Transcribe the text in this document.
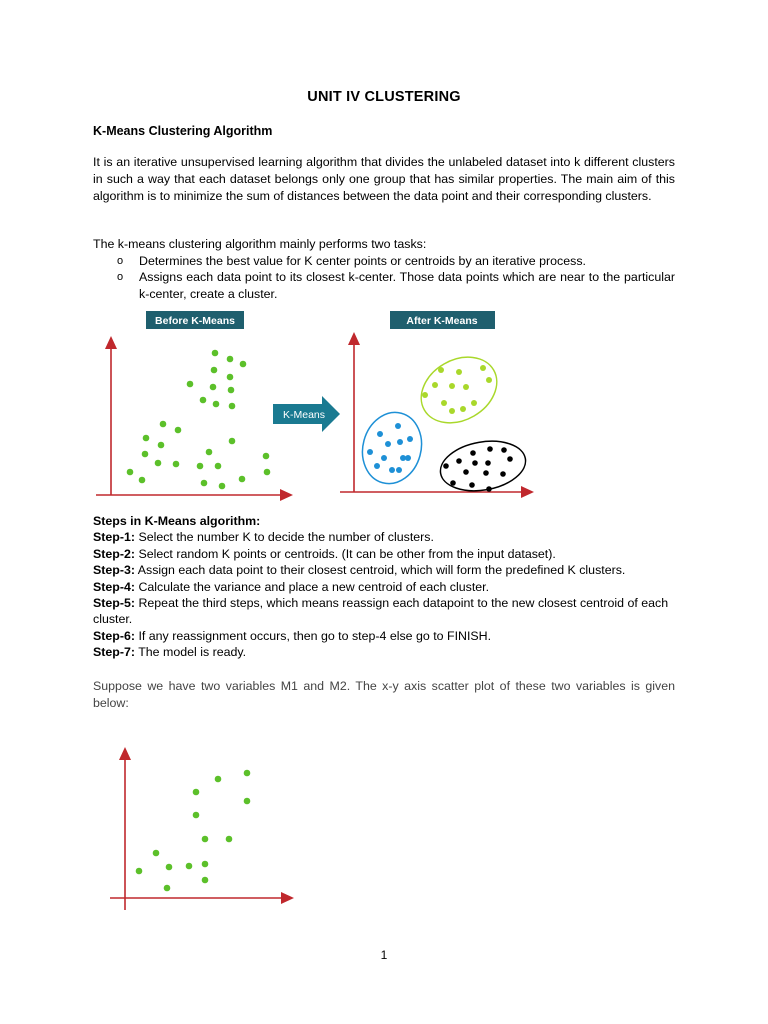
UNIT IV CLUSTERING
K-Means Clustering Algorithm
It is an iterative unsupervised learning algorithm that divides the unlabeled dataset into k different clusters in such a way that each dataset belongs only one group that has similar properties. The main aim of this algorithm is to minimize the sum of distances between the data point and their corresponding clusters.
The k-means clustering algorithm mainly performs two tasks:
o Determines the best value for K center points or centroids by an iterative process.
o Assigns each data point to its closest k-center. Those data points which are near to the particular k-center, create a cluster.
Before K-Means	After K-Means
K-Means
Steps in K-Means algorithm:
Step-1: Select the number K to decide the number of clusters.
Step-2: Select random K points or centroids. (It can be other from the input dataset).
Step-3: Assign each data point to their closest centroid, which will form the predefined K clusters.
Step-4: Calculate the variance and place a new centroid of each cluster.
Step-5: Repeat the third steps, which means reassign each datapoint to the new closest centroid of each cluster.
Step-6: If any reassignment occurs, then go to step-4 else go to FINISH.
Step-7: The model is ready.
Suppose we have two variables M1 and M2. The x-y axis scatter plot of these two variables is given below:
1
